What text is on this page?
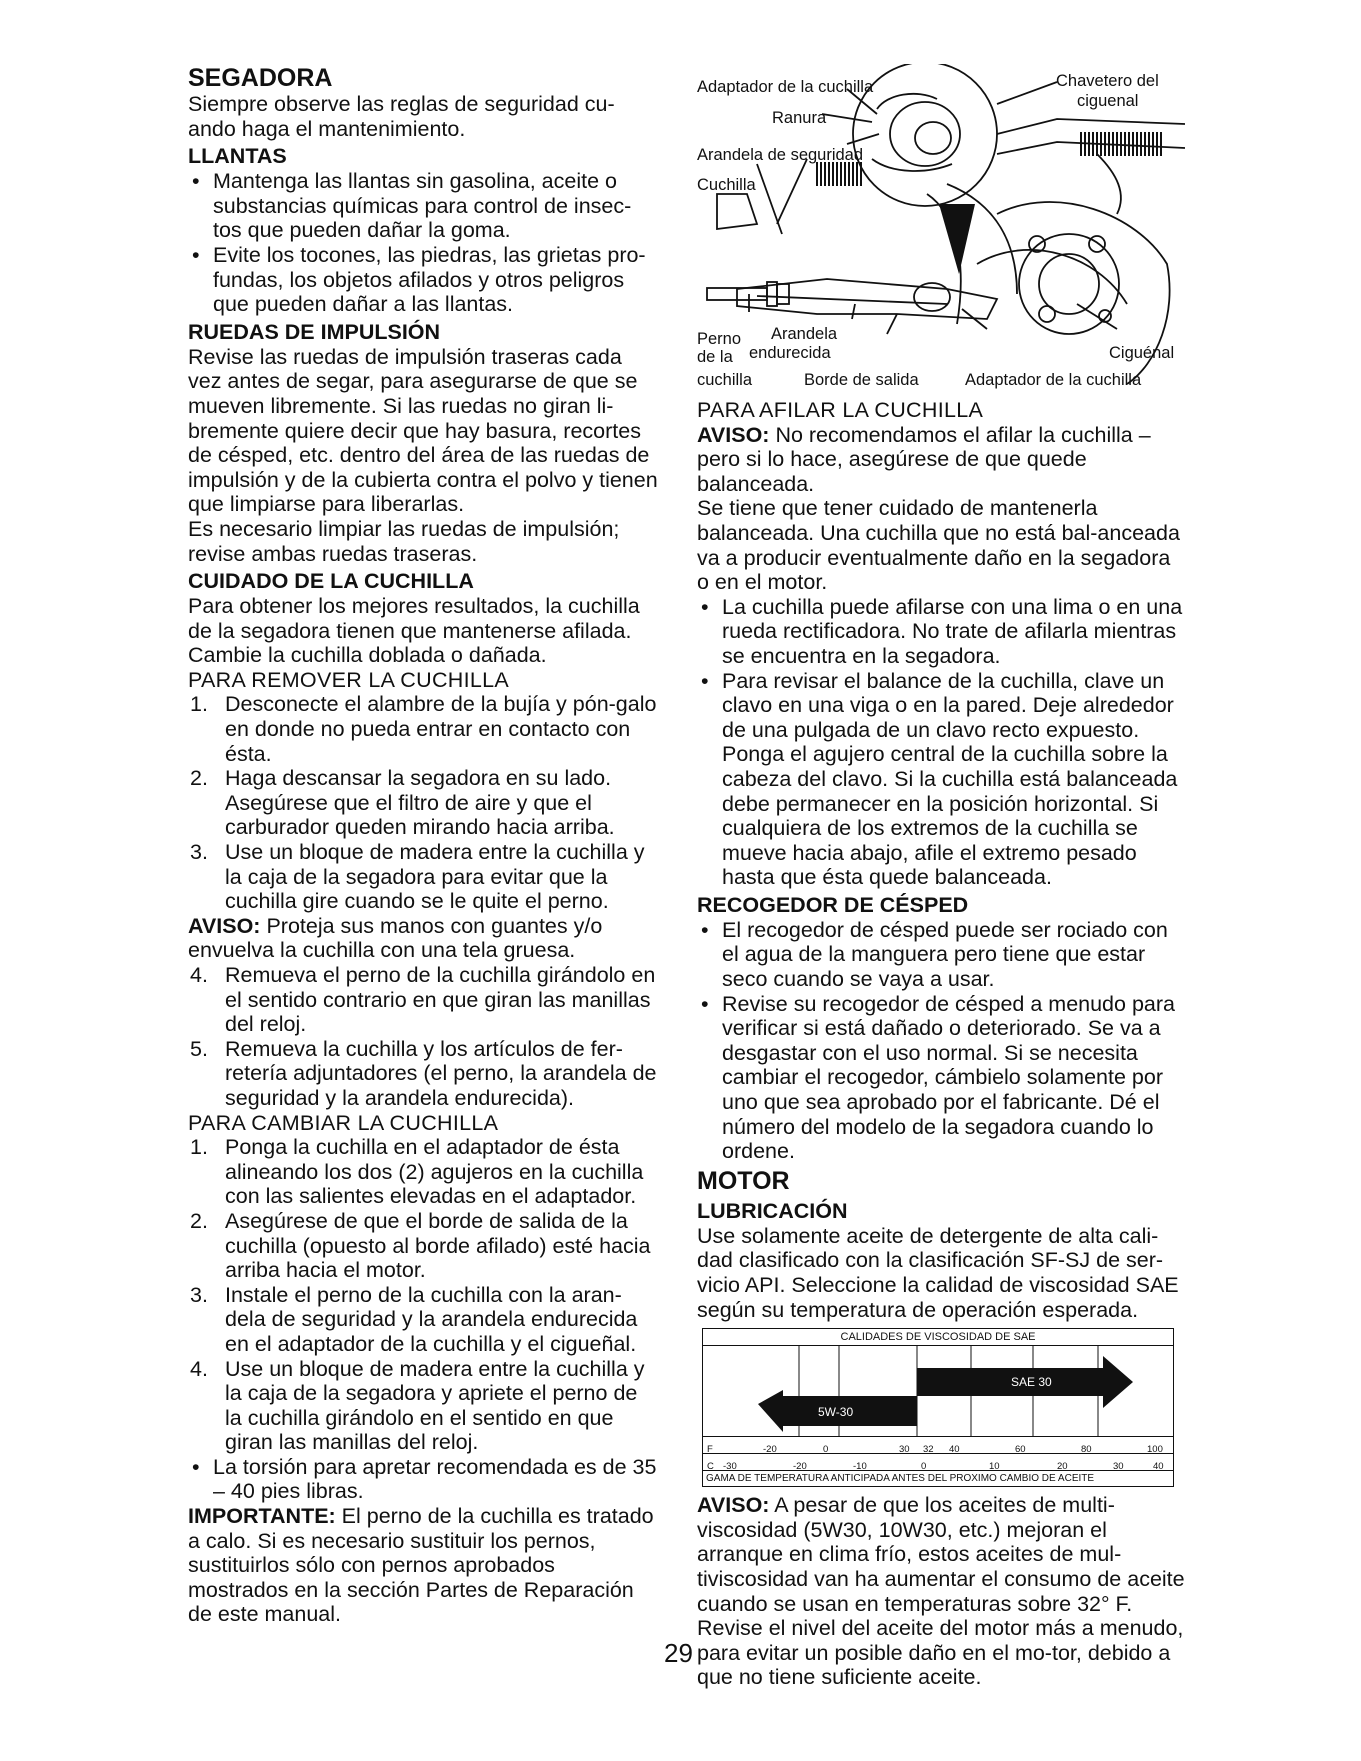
SEGADORA

Siempre observe las reglas de seguridad cu-ando haga el mantenimiento.

LLANTAS
• Mantenga las llantas sin gasolina, aceite o substancias químicas para control de insec-tos que pueden dañar la goma.
• Evite los tocones, las piedras, las grietas pro-fundas, los objetos afilados y otros peligros que pueden dañar a las llantas.
RUEDAS DE IMPULSIÓN

Revise las ruedas de impulsión traseras cada vez antes de segar, para asegurarse de que se mueven libremente. Si las ruedas no giran li-bremente quiere decir que hay basura, recortes de césped, etc. dentro del área de las ruedas de impulsión y de la cubierta contra el polvo y tienen que limpiarse para liberarlas.

Es necesario limpiar las ruedas de impulsión; revise ambas ruedas traseras.

CUIDADO DE LA CUCHILLA

Para obtener los mejores resultados, la cuchilla de la segadora tienen que mantenerse afilada. Cambie la cuchilla doblada o dañada.

PARA REMOVER LA CUCHILLA

1. Desconecte el alambre de la bujía y pón-galo en donde no pueda entrar en contacto con ésta.
2. Haga descansar la segadora en su lado. Asegúrese que el filtro de aire y que el carburador queden mirando hacia arriba.
3. Use un bloque de madera entre la cuchilla y la caja de la segadora para evitar que la cuchilla gire cuando se le quite el perno.

AVISO: Proteja sus manos con guantes y/o envuelva la cuchilla con una tela gruesa.

4. Remueva el perno de la cuchilla girándolo en el sentido contrario en que giran las manillas del reloj.
5. Remueva la cuchilla y los artículos de fer-retería adjuntadores (el perno, la arandela de seguridad y la arandela endurecida).

PARA CAMBIAR LA CUCHILLA

1. Ponga la cuchilla en el adaptador de ésta alineando los dos (2) agujeros en la cuchilla con las salientes elevadas en el adaptador.
2. Asegúrese de que el borde de salida de la cuchilla (opuesto al borde afilado) esté hacia arriba hacia el motor.
3. Instale el perno de la cuchilla con la aran-dela de seguridad y la arandela endurecida en el adaptador de la cuchilla y el cigueñal.
4. Use un bloque de madera entre la cuchilla y la caja de la segadora y apriete el perno de la cuchilla girándolo en el sentido en que giran las manillas del reloj.
• La torsión para apretar recomendada es de 35 – 40 pies libras.

IMPORTANTE: El perno de la cuchilla es tratado a calo. Si es necesario sustituir los pernos, sustituirlos sólo con pernos aprobados mostrados en la sección Partes de Reparación de este manual.

Adaptador de la cuchilla	Chavetero del
ciguenal
Ranura
Arandela de seguridad
Cuchilla
Perno
de la
cuchilla
Arandela
endurecida
Borde de salida	Adaptador de la cuchilla
Ciguénal

PARA AFILAR LA CUCHILLA

AVISO: No recomendamos el afilar la cuchilla – pero si lo hace, asegúrese de que quede balanceada.

Se tiene que tener cuidado de mantenerla balanceada. Una cuchilla que no está bal-anceada va a producir eventualmente daño en la segadora o en el motor.

• La cuchilla puede afilarse con una lima o en una rueda rectificadora. No trate de afilarla mientras se encuentra en la segadora.
• Para revisar el balance de la cuchilla, clave un clavo en una viga o en la pared. Deje alrededor de una pulgada de un clavo recto expuesto. Ponga el agujero central de la cuchilla sobre la cabeza del clavo. Si la cuchilla está balanceada debe permanecer en la posición horizontal. Si cualquiera de los extremos de la cuchilla se mueve hacia abajo, afile el extremo pesado hasta que ésta quede balanceada.
RECOGEDOR DE CÉSPED
• El recogedor de césped puede ser rociado con el agua de la manguera pero tiene que estar seco cuando se vaya a usar.
• Revise su recogedor de césped a menudo para verificar si está dañado o deteriorado. Se va a desgastar con el uso normal. Si se necesita cambiar el recogedor, cámbielo solamente por uno que sea aprobado por el fabricante. Dé el número del modelo de la segadora cuando lo ordene.
MOTOR
LUBRICACIÓN

Use solamente aceite de detergente de alta cali-dad clasificado con la clasificación SF-SJ de ser-vicio API. Seleccione la calidad de viscosidad SAE según su temperatura de operación esperada.

CALIDADES DE VISCOSIDAD DE SAE
SAE 30
5W-30
F	-20	0	30 32 40	60	80	100
C -30	-20	-10	0	10	20	30	40
GAMA DE TEMPERATURA ANTICIPADA ANTES DEL PROXIMO CAMBIO DE ACEITE

AVISO: A pesar de que los aceites de multi-viscosidad (5W30, 10W30, etc.) mejoran el arranque en clima frío, estos aceites de mul-tiviscosidad van ha aumentar el consumo de aceite cuando se usan en temperaturas sobre 32° F. Revise el nivel del aceite del motor más a menudo, para evitar un posible daño en el mo-tor, debido a que no tiene suficiente aceite.

29
